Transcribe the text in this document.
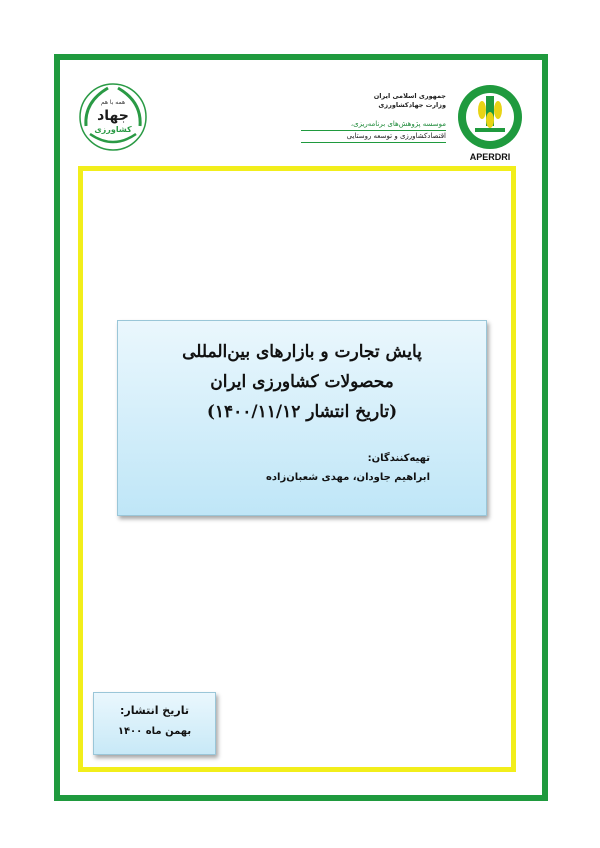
همه با هم
جهاد
کشاورزی
جمهوری اسلامی ایران
وزارت جهادکشاورزی
موسسه پژوهش‌های برنامه‌ریزی،
اقتصادکشاورزی و توسعه روستایی
APERDRI

پایش تجارت و بازارهای بین‌المللی

محصولات کشاورزی ایران

(تاریخ انتشار ۱۴۰۰/۱۱/۱۲)

تهیه‌کنندگان:
ابراهیم جاودان، مهدی شعبان‌زاده
تاریخ انتشار:
بهمن ماه ۱۴۰۰
